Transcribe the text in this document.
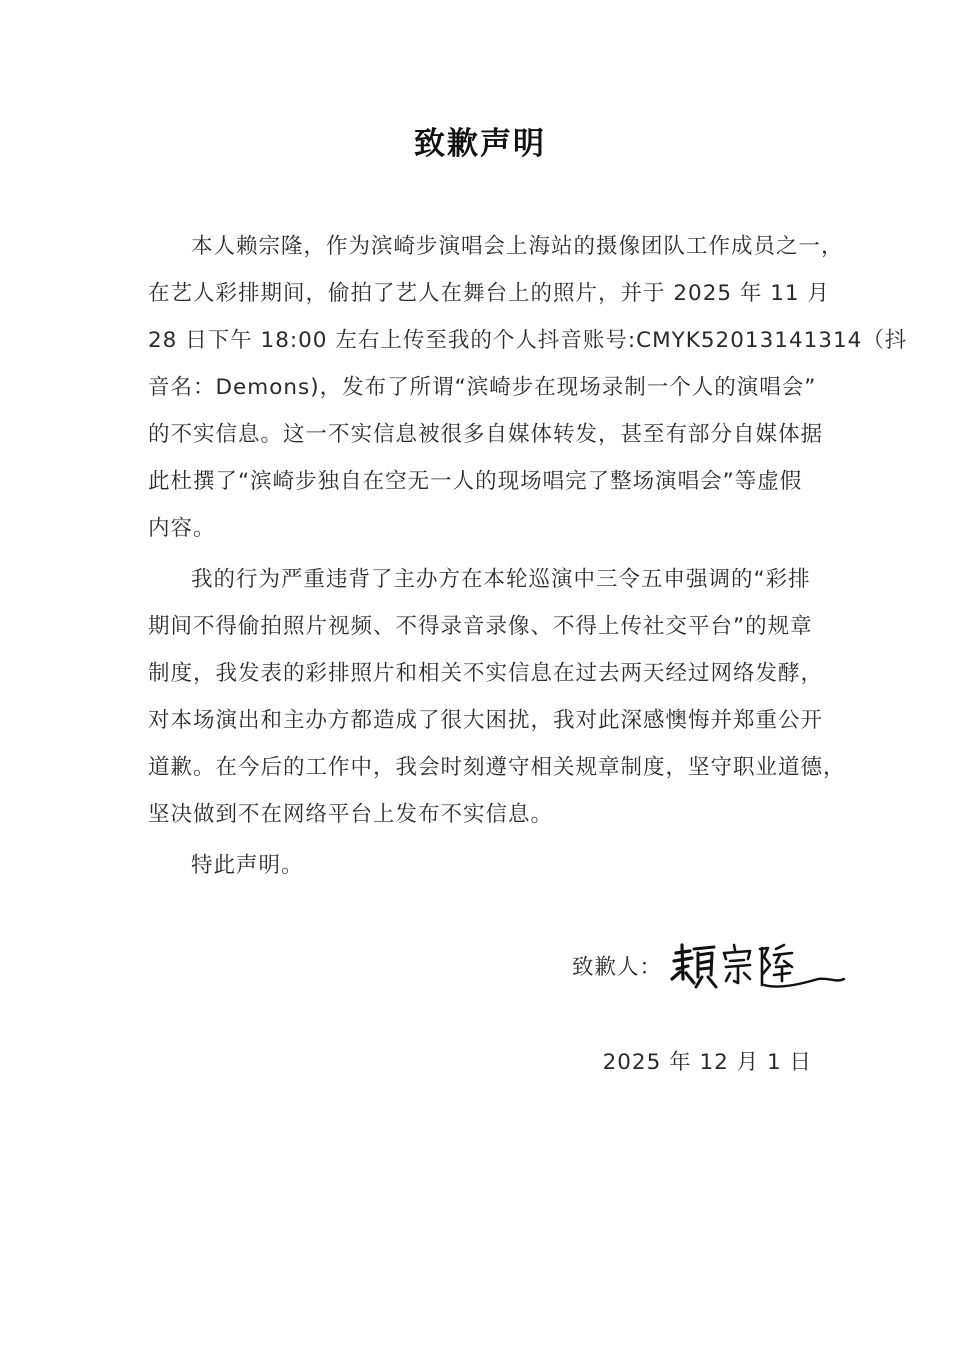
致歉声明

本人赖宗隆，作为滨崎步演唱会上海站的摄像团队工作成员之一，
在艺人彩排期间，偷拍了艺人在舞台上的照片，并于 2025 年 11 月
28 日下午 18:00 左右上传至我的个人抖音账号:CMYK52013141314（抖
音名：Demons)，发布了所谓“滨崎步在现场录制一个人的演唱会”
的不实信息。这一不实信息被很多自媒体转发，甚至有部分自媒体据
此杜撰了“滨崎步独自在空无一人的现场唱完了整场演唱会”等虚假
内容。

我的行为严重违背了主办方在本轮巡演中三令五申强调的“彩排
期间不得偷拍照片视频、不得录音录像、不得上传社交平台”的规章
制度，我发表的彩排照片和相关不实信息在过去两天经过网络发酵，
对本场演出和主办方都造成了很大困扰，我对此深感懊悔并郑重公开
道歉。在今后的工作中，我会时刻遵守相关规章制度，坚守职业道德，
坚决做到不在网络平台上发布不实信息。

特此声明。

致歉人：
2025 年 12 月 1 日
